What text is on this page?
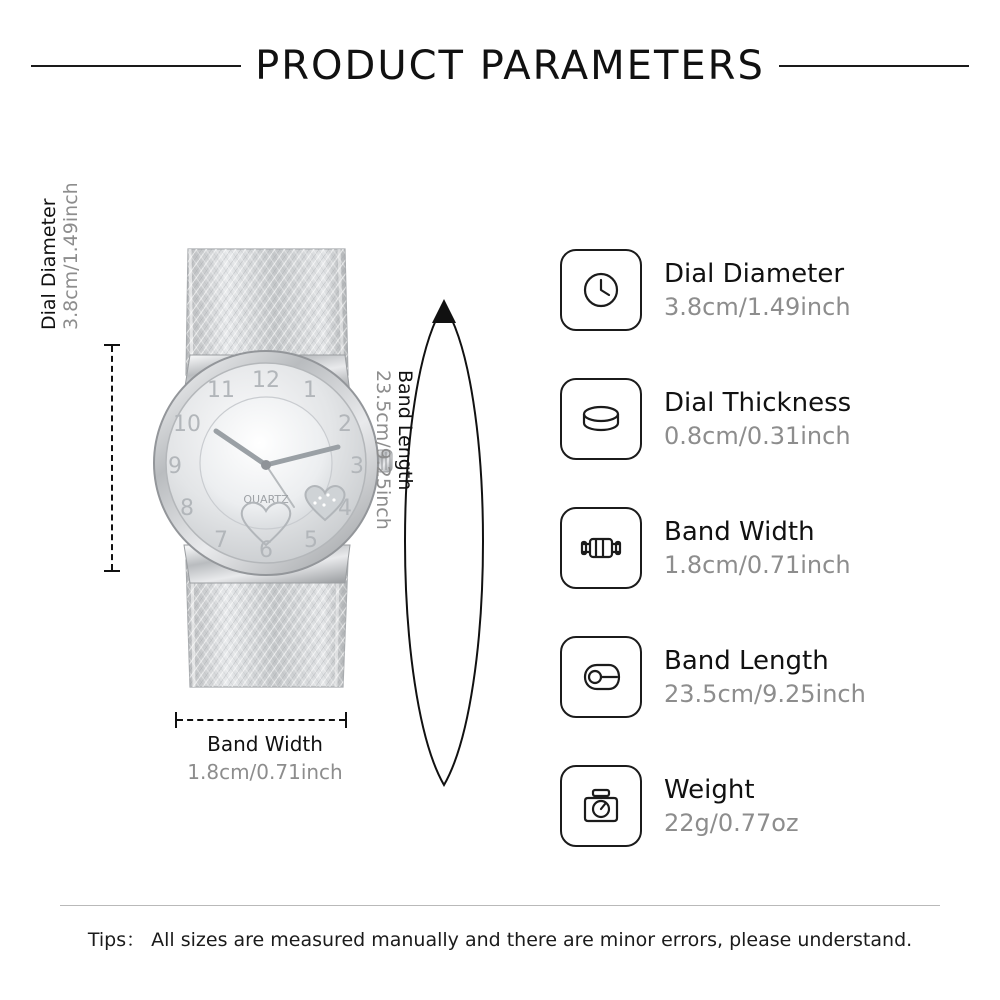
PRODUCT PARAMETERS
Dial Diameter 3.8cm/1.49inch
12 1
2
3
4
5
6
7
8
9
10
11
QUARTZ
Band Length
23.5cm/9.25inch
Band Width
1.8cm/0.71inch
Dial Diameter
3.8cm/1.49inch
Dial Thickness
0.8cm/0.31inch
Band Width
1.8cm/0.71inch
Band Length
23.5cm/9.25inch
Weight
22g/0.77oz
Tips： All sizes are measured manually and there are minor errors, please understand.
